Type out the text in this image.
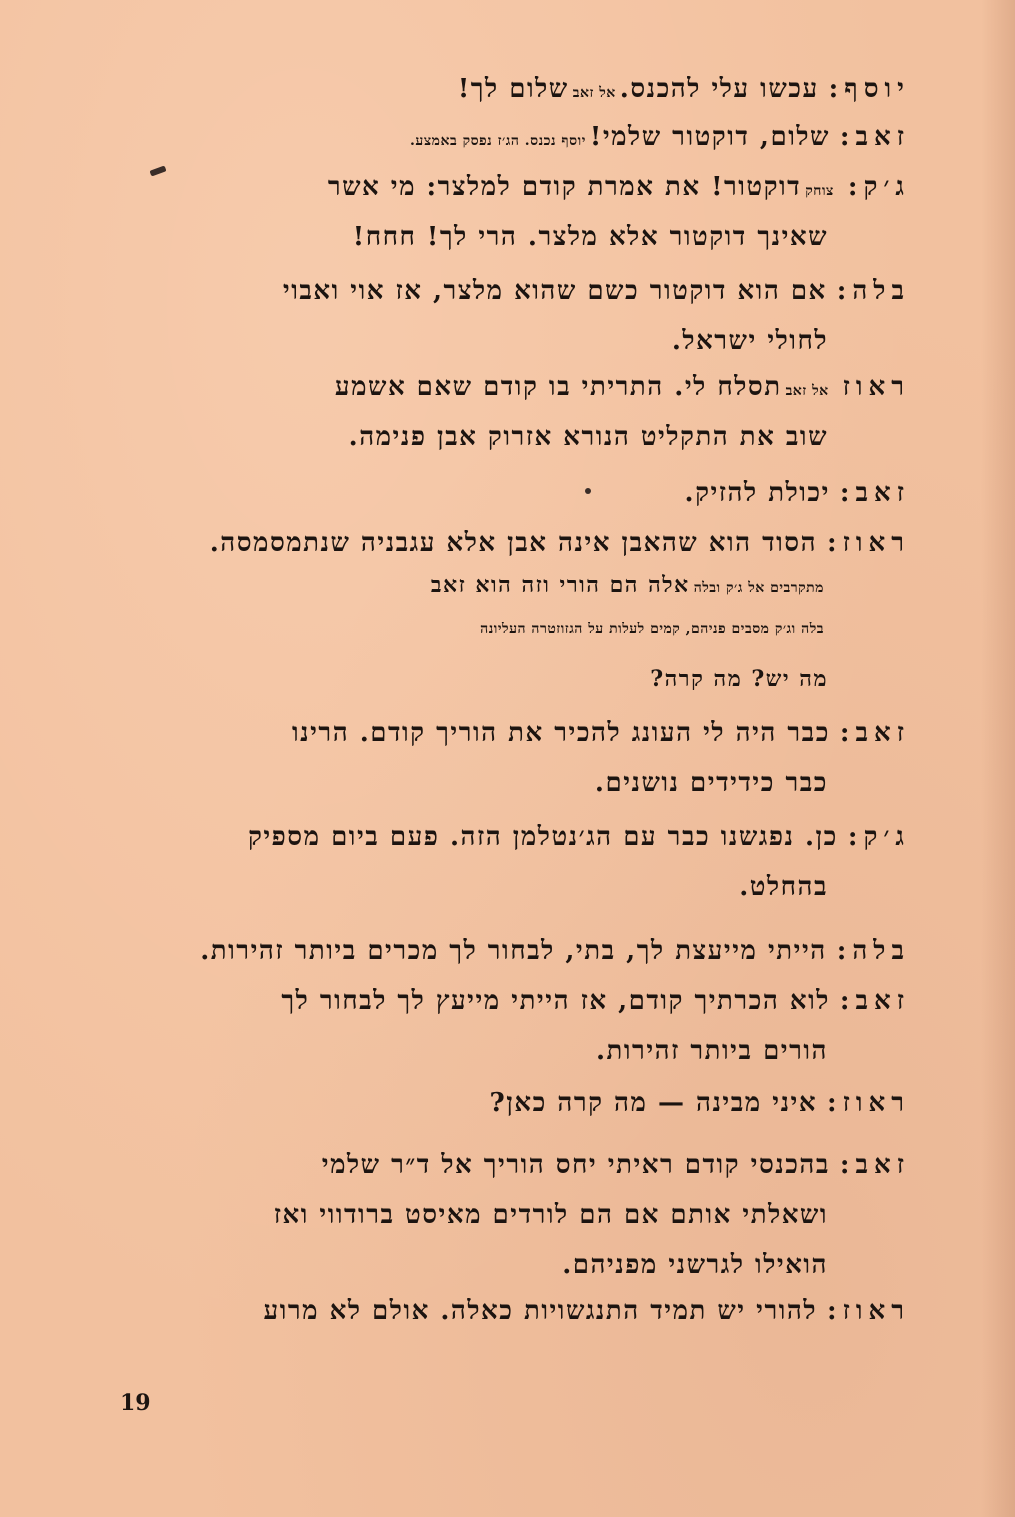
יוסף:
עכשו עלי להכנס.
אל זאב
שלום לך!
זאב:
שלום, דוקטור שלמי!
יוסף נכנס. הג׳ז נפסק באמצע.
ג׳ק:
צוחק
דוקטור! את אמרת קודם למלצר: מי אשר
שאינך דוקטור אלא מלצר. הרי לך! חחח!
בלה:
אם הוא דוקטור כשם שהוא מלצר, אז אוי ואבוי
לחולי ישראל.
ראוז
אל זאב
תסלח לי. התריתי בו קודם שאם אשמע
שוב את התקליט הנורא אזרוק אבן פנימה.
זאב:
יכולת להזיק.
ראוז:
הסוד הוא שהאבן אינה אבן אלא עגבניה שנתמסמסה.
מתקרבים אל ג׳ק ובלה
אלה הם הורי וזה הוא זאב
בלה וג׳ק מסבים פניהם, קמים לעלות על הגזוזטרה העליונה
מה יש? מה קרה?
זאב:
כבר היה לי העונג להכיר את הוריך קודם. הרינו
כבר כידידים נושנים.
ג׳ק:
כן. נפגשנו כבר עם הג׳נטלמן הזה. פעם ביום מספיק
בהחלט.
בלה:
הייתי מייעצת לך, בתי, לבחור לך מכרים ביותר זהירות.
זאב:
לוא הכרתיך קודם, אז הייתי מייעץ לך לבחור לך
הורים ביותר זהירות.
ראוז:
איני מבינה — מה קרה כאן?
זאב:
בהכנסי קודם ראיתי יחס הוריך אל ד״ר שלמי
ושאלתי אותם אם הם לורדים מאיסט ברודווי ואז
הואילו לגרשני מפניהם.
ראוז:
להורי יש תמיד התנגשויות כאלה. אולם לא מרוע
19
